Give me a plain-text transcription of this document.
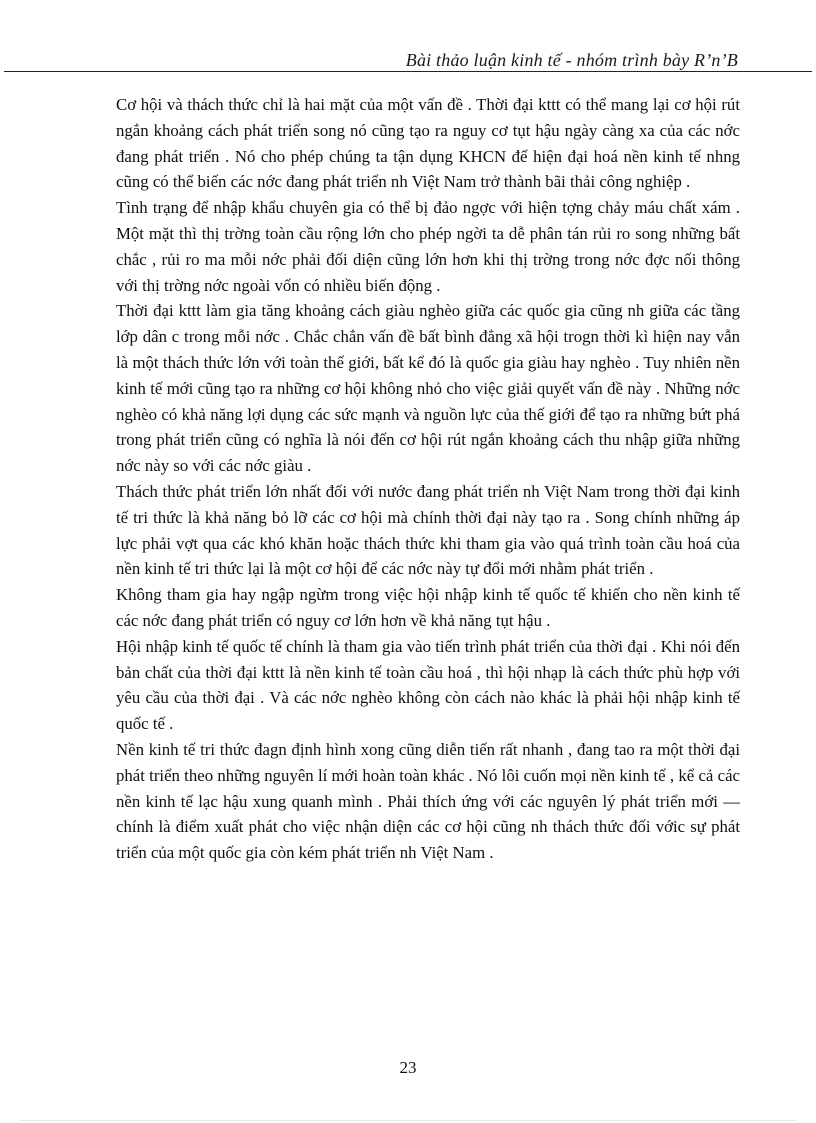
Bài thảo luận kinh tế - nhóm trình bày R’n’B

Cơ hội và thách thức chỉ là hai mặt của một vấn đề . Thời đại kttt có thể mang lại cơ hội rút ngắn khoảng cách phát triển song nó cũng tạo ra nguy cơ tụt hậu ngày càng xa của các nớc đang phát triển . Nó cho phép chúng ta tận dụng KHCN để hiện đại hoá nền kinh tế nhng cũng có thể biến các nớc đang phát triển nh Việt Nam trở thành bãi thải công nghiệp .

Tình trạng để nhập khẩu chuyên gia có thể bị đảo ngợc với hiện tợng chảy máu chất xám . Một mặt thì thị trờng toàn cầu rộng lớn cho phép ngời ta dễ phân tán rủi ro song những bất chắc , rủi ro ma mỗi nớc phải đối diện cũng lớn hơn khi thị trờng trong nớc đợc nối thông với thị trờng nớc ngoài vốn có nhiều biến động .

Thời đại kttt làm gia tăng khoảng cách giàu nghèo giữa các quốc gia cũng nh giữa các tầng lớp dân c trong mỗi nớc . Chắc chắn vấn đề bất bình đẳng xã hội trogn thời kì hiện nay vẫn là một thách thức lớn với toàn thế giới, bất kể đó là quốc gia giàu hay nghèo . Tuy nhiên nền kinh tế mới cũng tạo ra những cơ hội không nhỏ cho việc giải quyết vấn đề này . Những nớc nghèo có khả năng lợi dụng các sức mạnh và nguồn lực của thế giới để tạo ra những bứt phá trong phát triển cũng có nghĩa là nói đến cơ hội rút ngắn khoảng cách thu nhập giữa những nớc này so với các nớc giàu .

Thách thức phát triển lớn nhất đối với nước đang phát triển nh Việt Nam trong thời đại kinh tế tri thức là khả năng bỏ lỡ các cơ hội mà chính thời đại này tạo ra . Song chính những áp lực phải vợt qua các khó khăn hoặc thách thức khi tham gia vào quá trình toàn cầu hoá của nền kinh tế tri thức lại là một cơ hội để các nớc này tự đổi mới nhằm phát triển .

Không tham gia hay ngập ngừm trong việc hội nhập kinh tế quốc tế khiến cho nền kinh tế các nớc đang phát triển có nguy cơ lớn hơn về khả năng tụt hậu .

Hội nhập kinh tế quốc tế chính là tham gia vào tiến trình phát triển của thời đại . Khi nói đến bản chất của thời đại kttt là nền kinh tế toàn cầu hoá , thì hội nhạp là cách thức phù hợp với yêu cầu của thời đại . Và các nớc nghèo không còn cách nào khác là phải hội nhập kinh tế quốc tế .

Nền kinh tế tri thức đagn định hình xong cũng diễn tiến rất nhanh , đang tao ra một thời đại phát triển theo những nguyên lí mới hoàn toàn khác . Nó lôi cuốn mọi nền kinh tế , kể cả các nền kinh tế lạc hậu xung quanh mình . Phải thích ứng với các nguyên lý phát triển mới — chính là điểm xuất phát cho việc nhận diện các cơ hội cũng nh thách thức đối vớic sự phát triển của một quốc gia còn kém phát triển nh Việt Nam .

23
